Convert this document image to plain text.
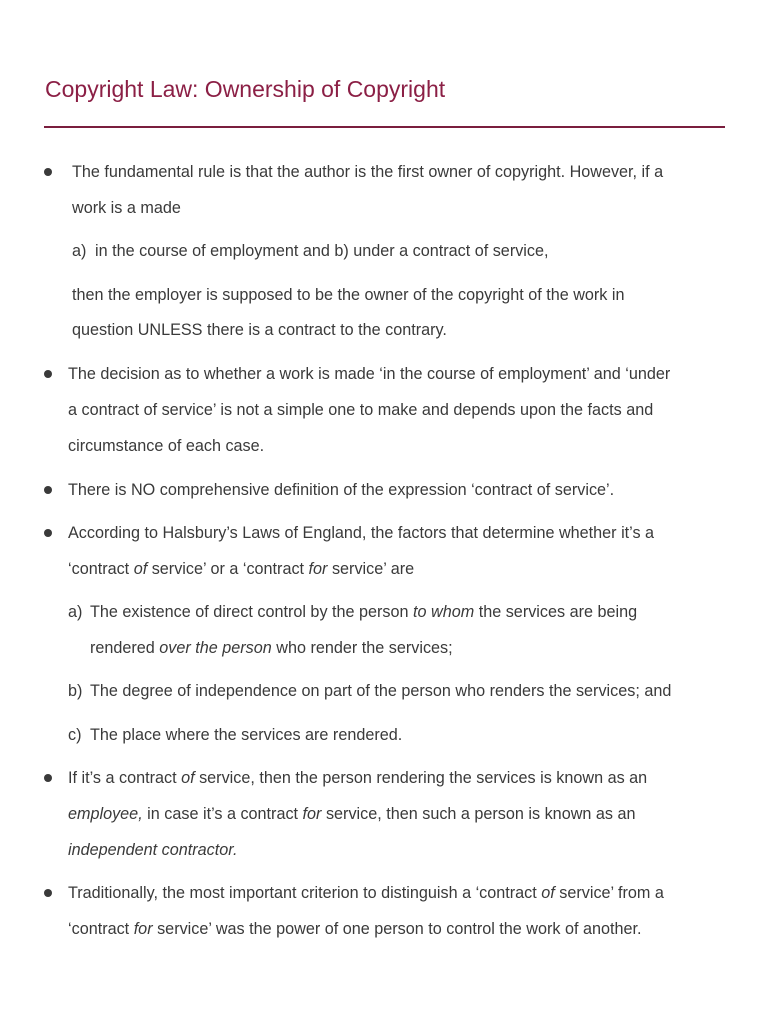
Copyright Law: Ownership of Copyright
The fundamental rule is that the author is the first owner of copyright. However, if a
work is a made
a) in the course of employment and b) under a contract of service,
then the employer is supposed to be the owner of the copyright of the work in
question UNLESS there is a contract to the contrary.
The decision as to whether a work is made ‘in the course of employment’ and ‘under
a contract of service’ is not a simple one to make and depends upon the facts and
circumstance of each case.
There is NO comprehensive definition of the expression ‘contract of service’.
According to Halsbury’s Laws of England, the factors that determine whether it’s a
‘contract of service’ or a ‘contract for service’ are
a) The existence of direct control by the person to whom the services are being
rendered over the person who render the services;
b) The degree of independence on part of the person who renders the services; and
c) The place where the services are rendered.
If it’s a contract of service, then the person rendering the services is known as an
employee, in case it’s a contract for service, then such a person is known as an
independent contractor.
Traditionally, the most important criterion to distinguish a ‘contract of service’ from a
‘contract for service’ was the power of one person to control the work of another.
